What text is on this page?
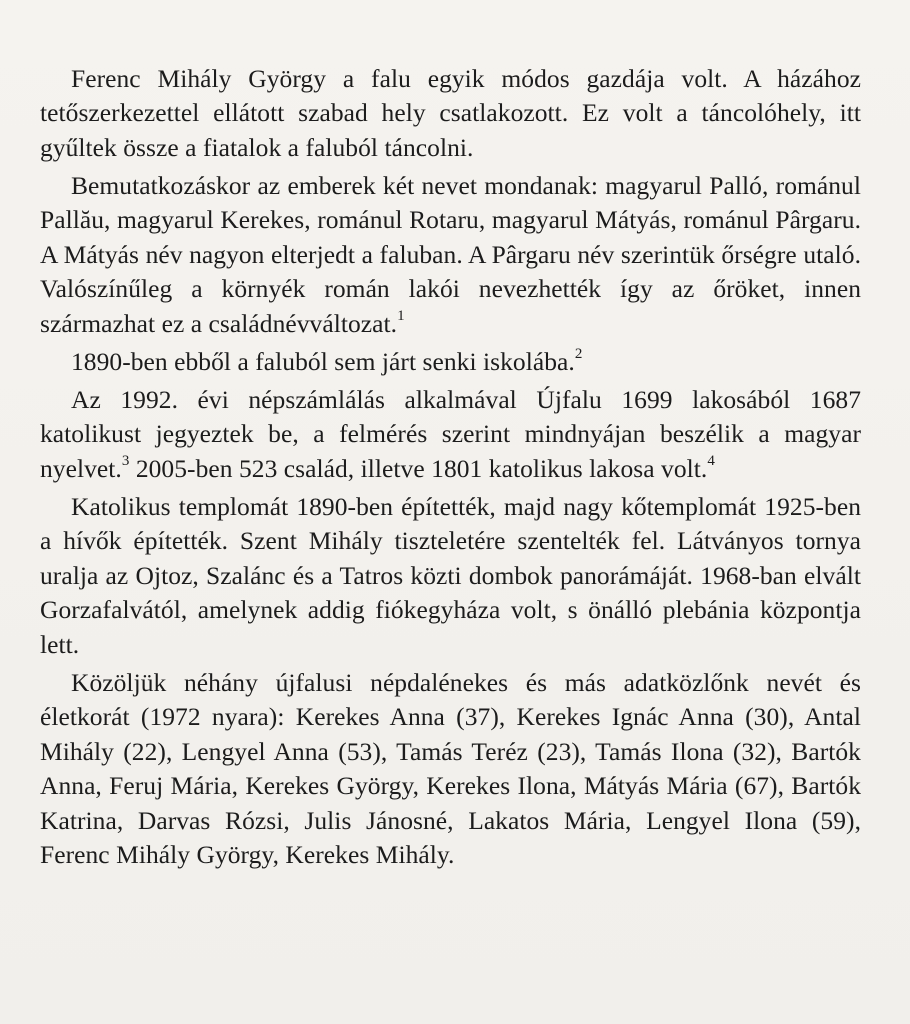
Ferenc Mihály György a falu egyik módos gazdája volt. A házához tetőszerkezettel ellátott szabad hely csatlakozott. Ez volt a táncolóhely, itt gyűltek össze a fiatalok a faluból táncolni.

Bemutatkozáskor az emberek két nevet mondanak: magyarul Palló, románul Pallău, magyarul Kerekes, románul Rotaru, magyarul Mátyás, románul Pârgaru. A Mátyás név nagyon elterjedt a faluban. A Pârgaru név szerintük őrségre utaló. Valószínűleg a környék román lakói nevezhették így az őröket, innen származhat ez a családnévváltozat.$^1$

1890-ben ebből a faluból sem járt senki iskolába.$^2$

Az 1992. évi népszámlálás alkalmával Újfalu 1699 lakosából 1687 katolikust jegyeztek be, a felmérés szerint mindnyájan beszélik a magyar nyelvet.$^3$ 2005-ben 523 család, illetve 1801 katolikus lakosa volt.$^4$

Katolikus templomát 1890-ben építették, majd nagy kőtemplomát 1925-ben a hívők építették. Szent Mihály tiszteletére szentelték fel. Látványos tornya uralja az Ojtoz, Szalánc és a Tatros közti dombok panorámáját. 1968-ban elvált Gorzafalvától, amelynek addig fiókegyháza volt, s önálló plebánia központja lett.

Közöljük néhány újfalusi népdalénekes és más adatközlőnk nevét és életkorát (1972 nyara): Kerekes Anna (37), Kerekes Ignác Anna (30), Antal Mihály (22), Lengyel Anna (53), Tamás Teréz (23), Tamás Ilona (32), Bartók Anna, Feruj Mária, Kerekes György, Kerekes Ilona, Mátyás Mária (67), Bartók Katrina, Darvas Rózsi, Julis Jánosné, Lakatos Mária, Lengyel Ilona (59), Ferenc Mihály György, Kerekes Mihály.
